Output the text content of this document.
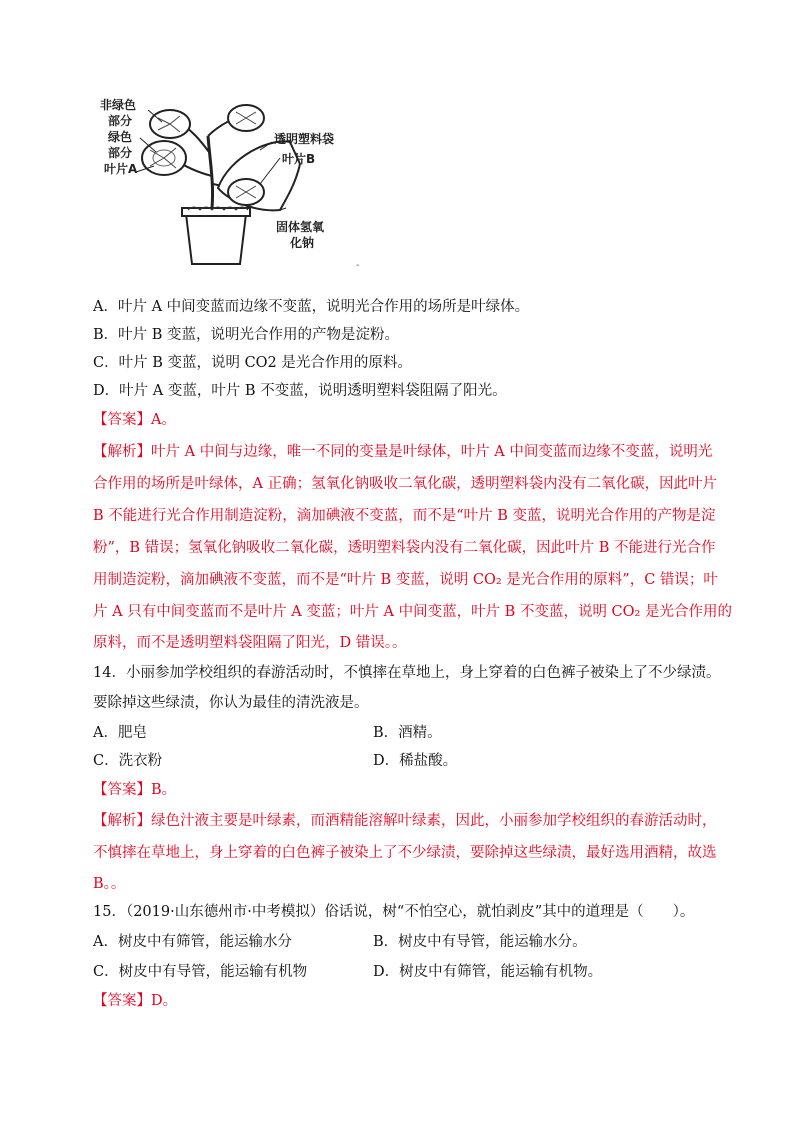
-
非绿色
部分
绿色
部分
叶片A
透明塑料袋
叶片B
固体氢氧
化钠
A．叶片 A 中间变蓝而边缘不变蓝，说明光合作用的场所是叶绿体。
B．叶片 B 变蓝，说明光合作用的产物是淀粉。
C．叶片 B 变蓝，说明 CO2 是光合作用的原料。
D．叶片 A 变蓝，叶片 B 不变蓝，说明透明塑料袋阻隔了阳光。
【答案】A。
【解析】叶片 A 中间与边缘，唯一不同的变量是叶绿体，叶片 A 中间变蓝而边缘不变蓝，说明光
合作用的场所是叶绿体，A 正确；氢氧化钠吸收二氧化碳，透明塑料袋内没有二氧化碳，因此叶片
B 不能进行光合作用制造淀粉，滴加碘液不变蓝，而不是“叶片 B 变蓝，说明光合作用的产物是淀
粉”，B 错误；氢氧化钠吸收二氧化碳，透明塑料袋内没有二氧化碳，因此叶片 B 不能进行光合作
用制造淀粉，滴加碘液不变蓝，而不是“叶片 B 变蓝，说明 CO₂ 是光合作用的原料”，C 错误；叶
片 A 只有中间变蓝而不是叶片 A 变蓝；叶片 A 中间变蓝，叶片 B 不变蓝，说明 CO₂ 是光合作用的
原料，而不是透明塑料袋阻隔了阳光，D 错误。。
14．小丽参加学校组织的春游活动时，不慎摔在草地上，身上穿着的白色裤子被染上了不少绿渍。
要除掉这些绿渍，你认为最佳的清洗液是。
A．肥皂	B．酒精。
C．洗衣粉	D．稀盐酸。
【答案】B。
【解析】绿色汁液主要是叶绿素，而酒精能溶解叶绿素，因此，小丽参加学校组织的春游活动时，
不慎摔在草地上，身上穿着的白色裤子被染上了不少绿渍，要除掉这些绿渍，最好选用酒精，故选
B。。
15．（2019·山东德州市·中考模拟）俗话说，树“不怕空心，就怕剥皮”其中的道理是（　　）。
A．树皮中有筛管，能运输水分	B．树皮中有导管，能运输水分。
C．树皮中有导管，能运输有机物	D．树皮中有筛管，能运输有机物。
【答案】D。
